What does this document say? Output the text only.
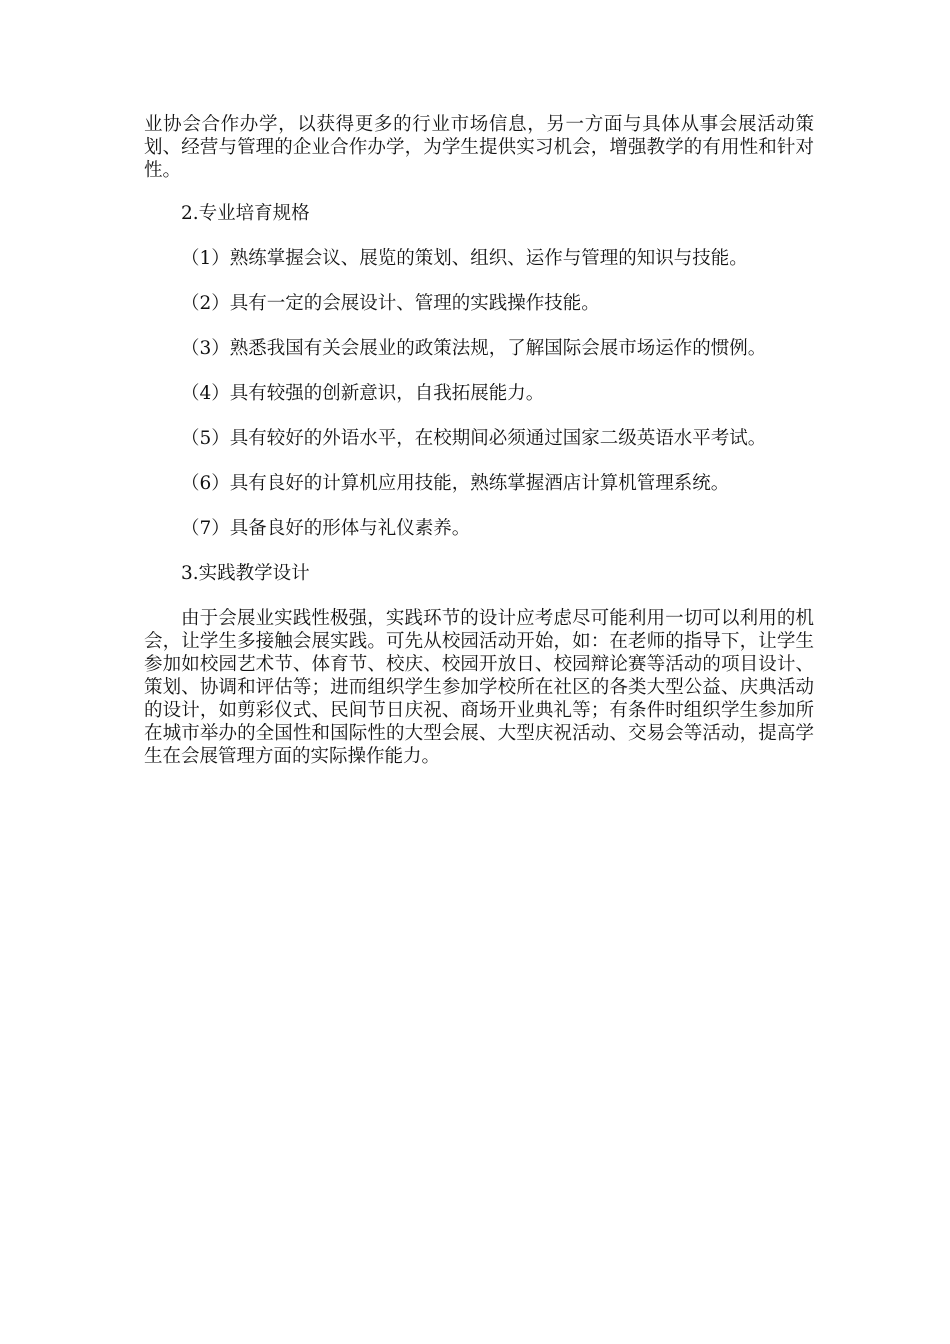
业协会合作办学，以获得更多的行业市场信息，另一方面与具体从事会展活动策划、经营与管理的企业合作办学，为学生提供实习机会，增强教学的有用性和针对性。

2.专业培育规格

（1）熟练掌握会议、展览的策划、组织、运作与管理的知识与技能。

（2）具有一定的会展设计、管理的实践操作技能。

（3）熟悉我国有关会展业的政策法规，了解国际会展市场运作的惯例。

（4）具有较强的创新意识，自我拓展能力。

（5）具有较好的外语水平，在校期间必须通过国家二级英语水平考试。

（6）具有良好的计算机应用技能，熟练掌握酒店计算机管理系统。

（7）具备良好的形体与礼仪素养。

3.实践教学设计

由于会展业实践性极强，实践环节的设计应考虑尽可能利用一切可以利用的机会，让学生多接触会展实践。可先从校园活动开始，如：在老师的指导下，让学生参加如校园艺术节、体育节、校庆、校园开放日、校园辩论赛等活动的项目设计、策划、协调和评估等；进而组织学生参加学校所在社区的各类大型公益、庆典活动的设计，如剪彩仪式、民间节日庆祝、商场开业典礼等；有条件时组织学生参加所在城市举办的全国性和国际性的大型会展、大型庆祝活动、交易会等活动，提高学生在会展管理方面的实际操作能力。
